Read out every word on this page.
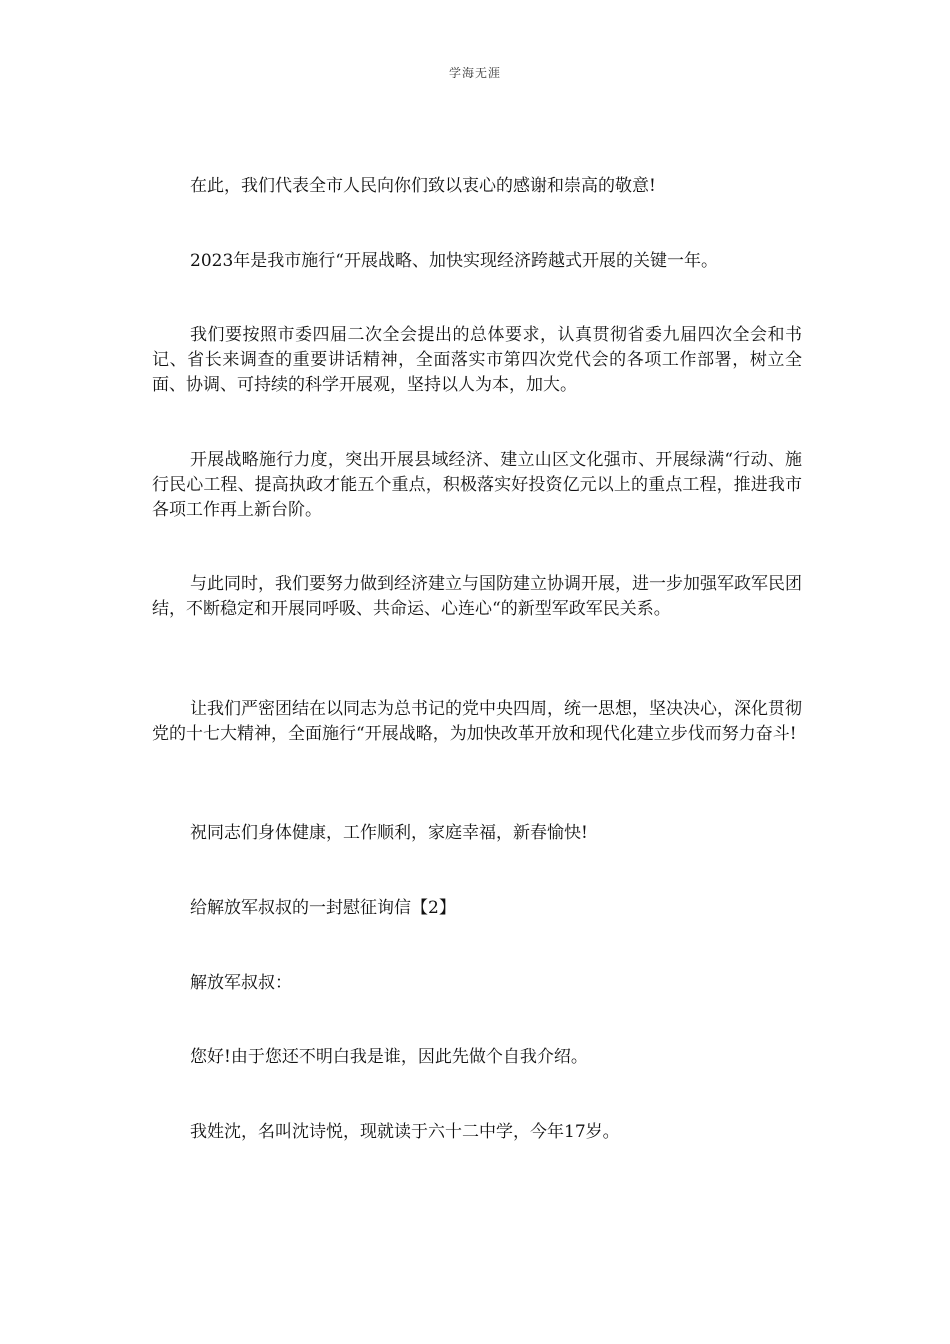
学海无涯

在此，我们代表全市人民向你们致以衷心的感谢和崇高的敬意!

2023年是我市施行“开展战略、加快实现经济跨越式开展的关键一年。

我们要按照市委四届二次全会提出的总体要求，认真贯彻省委九届四次全会和书记、省长来调查的重要讲话精神，全面落实市第四次党代会的各项工作部署，树立全面、协调、可持续的科学开展观，坚持以人为本，加大。

开展战略施行力度，突出开展县域经济、建立山区文化强市、开展绿满“行动、施行民心工程、提高执政才能五个重点，积极落实好投资亿元以上的重点工程，推进我市各项工作再上新台阶。

与此同时，我们要努力做到经济建立与国防建立协调开展，进一步加强军政军民团结，不断稳定和开展同呼吸、共命运、心连心“的新型军政军民关系。

让我们严密团结在以同志为总书记的党中央四周，统一思想，坚决决心，深化贯彻党的十七大精神，全面施行“开展战略，为加快改革开放和现代化建立步伐而努力奋斗!

祝同志们身体健康，工作顺利，家庭幸福，新春愉快!

给解放军叔叔的一封慰征询信【2】

解放军叔叔：

您好!由于您还不明白我是谁，因此先做个自我介绍。

我姓沈，名叫沈诗悦，现就读于六十二中学，今年17岁。
